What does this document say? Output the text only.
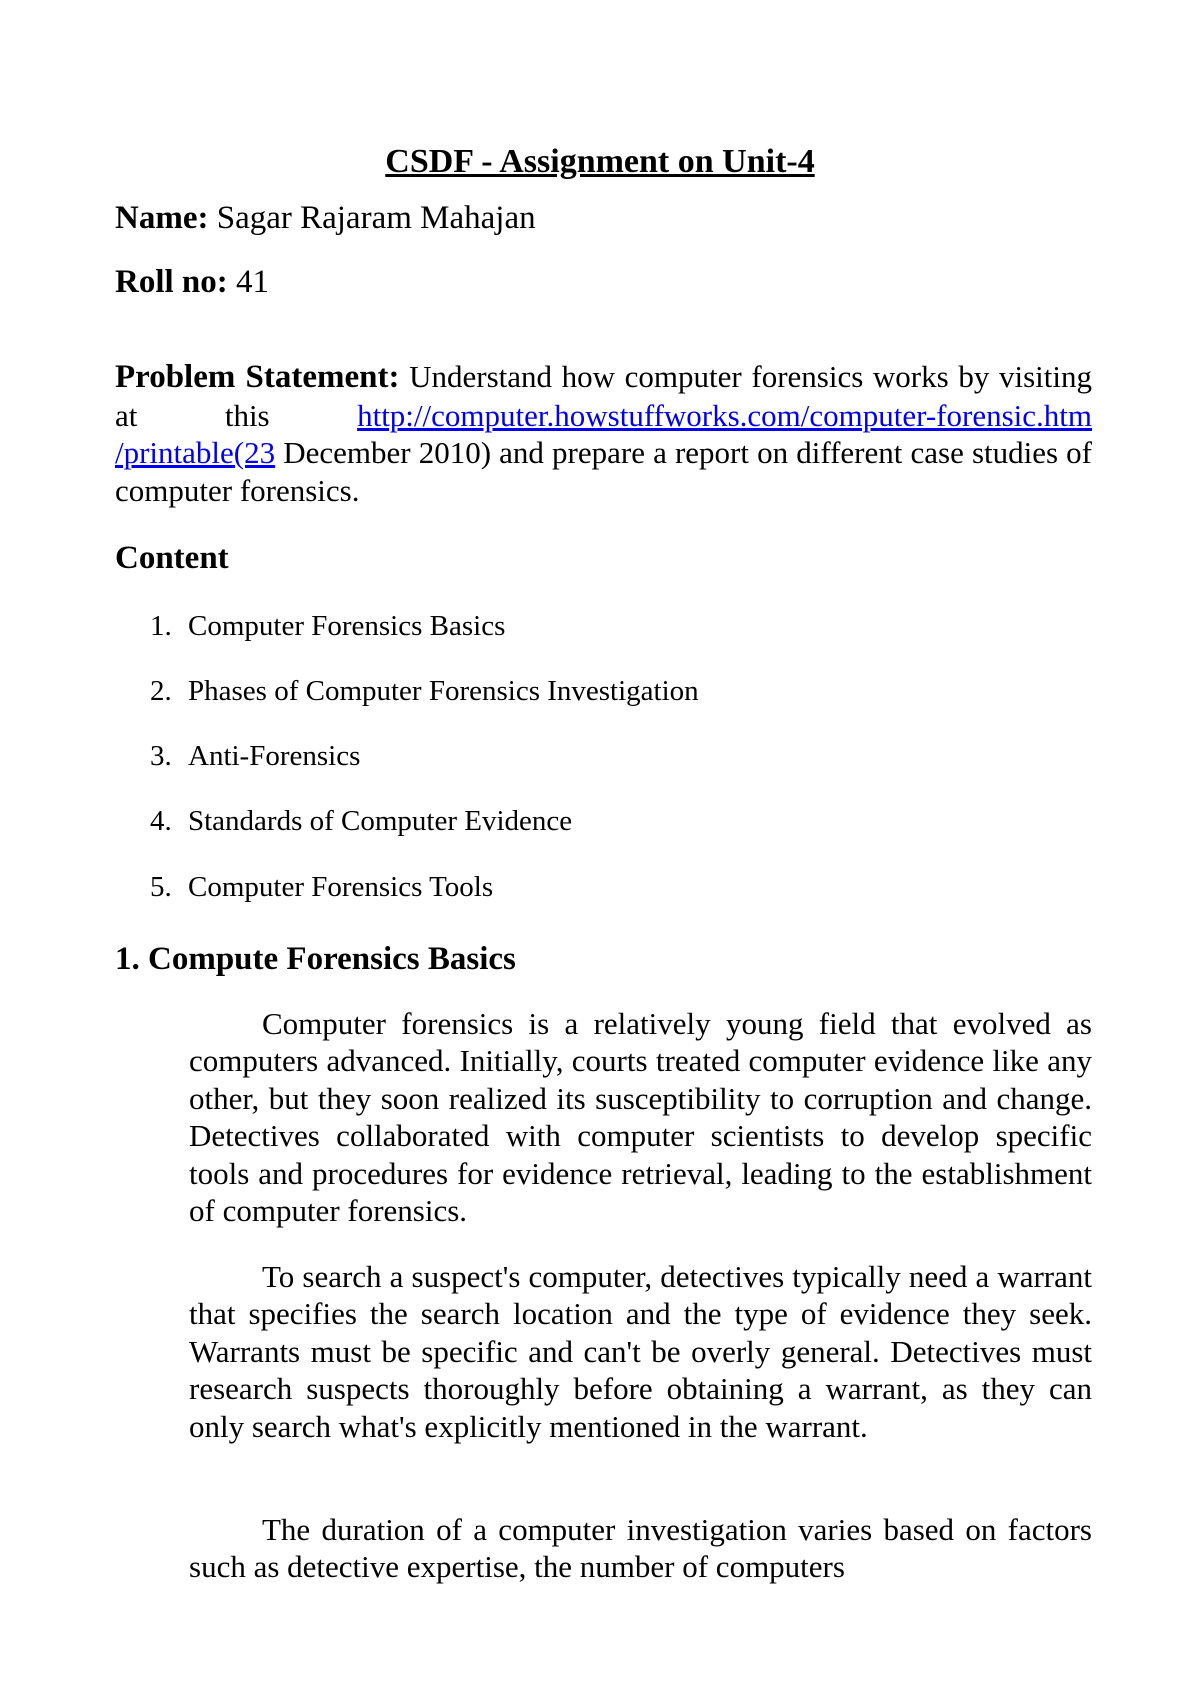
CSDF - Assignment on Unit-4
Name: Sagar Rajaram Mahajan
Roll no: 41
Problem Statement: Understand how computer forensics works by visiting at this	http://computer.howstuffworks.com/computer-forensic.htm /printable(23 December 2010) and prepare a report on different case studies of computer forensics.
Content
1. Computer Forensics Basics
2. Phases of Computer Forensics Investigation
3. Anti-Forensics
4. Standards of Computer Evidence
5. Computer Forensics Tools
1. Compute Forensics Basics
Computer forensics is a relatively young field that evolved as computers advanced. Initially, courts treated computer evidence like any other, but they soon realized its susceptibility to corruption and change. Detectives collaborated with computer scientists to develop specific tools and procedures for evidence retrieval, leading to the establishment of computer forensics.
To search a suspect's computer, detectives typically need a warrant that specifies the search location and the type of evidence they seek. Warrants must be specific and can't be overly general. Detectives must research suspects thoroughly before obtaining a warrant, as they can only search what's explicitly mentioned in the warrant.
The duration of a computer investigation varies based on factors such as detective expertise, the number of computers
